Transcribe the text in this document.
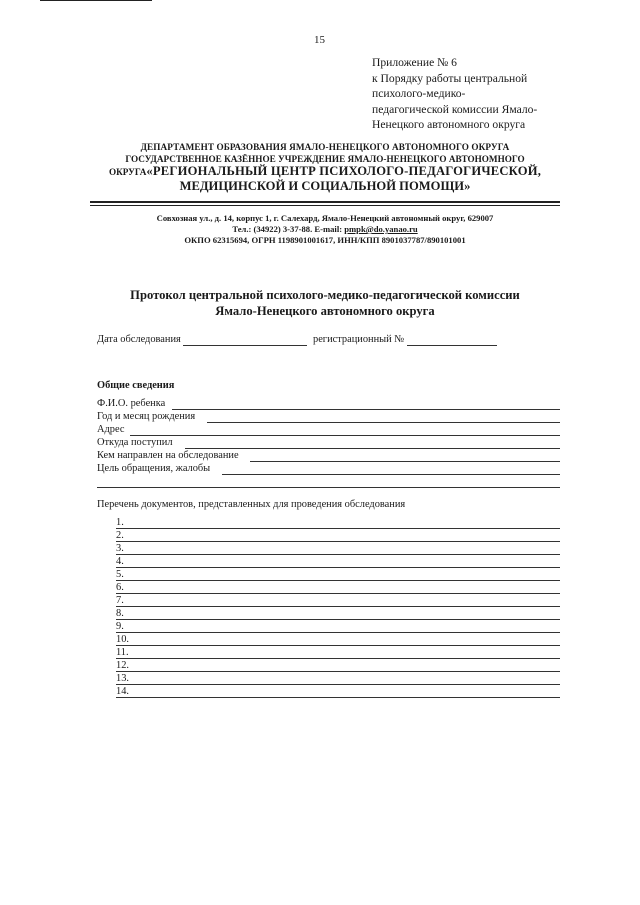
15
Приложение № 6
к Порядку работы центральной
психолого-медико-
педагогической комиссии Ямало-
Ненецкого автономного округа
ДЕПАРТАМЕНТ ОБРАЗОВАНИЯ ЯМАЛО-НЕНЕЦКОГО АВТОНОМНОГО ОКРУГА
ГОСУДАРСТВЕННОЕ КАЗЁННОЕ УЧРЕЖДЕНИЕ ЯМАЛО-НЕНЕЦКОГО АВТОНОМНОГО
ОКРУГА«РЕГИОНАЛЬНЫЙ ЦЕНТР ПСИХОЛОГО-ПЕДАГОГИЧЕСКОЙ,
МЕДИЦИНСКОЙ И СОЦИАЛЬНОЙ ПОМОЩИ»
Совхозная ул., д. 14, корпус 1, г. Салехард, Ямало-Ненецкий автономный округ, 629007
Тел.: (34922) 3-37-88. E-mail: pmpk@do.yanao.ru
ОКПО 62315694, ОГРН 1198901001617, ИНН/КПП 8901037787/890101001
Протокол центральной психолого-медико-педагогической комиссии
Ямало-Ненецкого автономного округа
Дата обследования	регистрационный №
Общие сведения
Ф.И.О. ребенка
Год и месяц рождения
Адрес
Откуда поступил
Кем направлен на обследование
Цель обращения, жалобы
Перечень документов, представленных для проведения обследования
1.
2.
3.
4.
5.
6.
7.
8.
9.
10.
11.
12.
13.
14.
